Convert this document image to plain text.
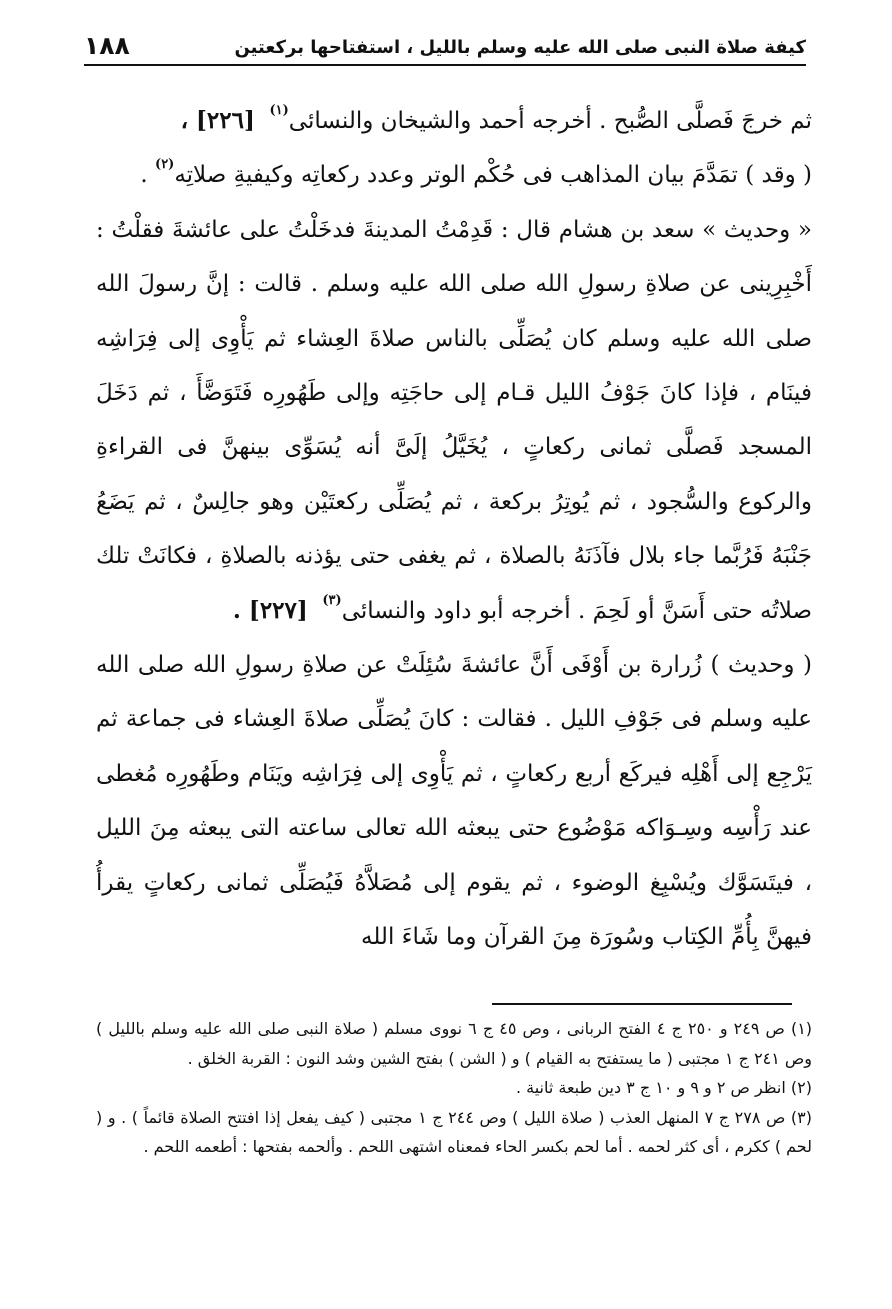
كيفة صلاة النبى صلى الله عليه وسلم بالليل ، استفتاحها بركعتين
١٨٨

ثم خرجَ فَصلَّى الصُّبح . أخرجه أحمد والشيخان والنسائى$^{(١)}$  [٢٢٦] ،

( وقد ) تمَدَّمَ بيان المذاهب فى حُكْم الوتر وعدد ركعاتِه وكيفيةِ صلاتِه$^{(٢)}$ .

« وحديث » سعد بن هشام قال : قَدِمْتُ المدينةَ فدخَلْتُ على عائشةَ فقلْتُ : أَخْبِرِينى عن صلاةِ رسولِ الله صلى الله عليه وسلم . قالت : إنَّ رسولَ الله صلى الله عليه وسلم كان يُصَلِّى بالناس صلاةَ العِشاء ثم يَأْوِى إلى فِرَاشِه فينَام ، فإذا كانَ جَوْفُ الليل قـام إلى حاجَتِه وإلى طَهُورِه فَتَوَضَّأَ ، ثم دَخَلَ المسجد فَصلَّى ثمانى ركعاتٍ ، يُخَيَّلُ إلَىَّ أنه يُسَوِّى بينهنَّ فى القراءةِ والركوع والسُّجود ، ثم يُوتِرُ بركعة ، ثم يُصَلِّى ركعتَيْن وهو جالِسٌ ، ثم يَضَعُ جَنْبَهُ فَرُبَّما جاء بلال فآذَنَهُ بالصلاة ، ثم يغفى حتى يؤذنه بالصلاةِ ، فكانَتْ تلك صلاتُه حتى أَسَنَّ أو لَحِمَ . أخرجه أبو داود والنسائى$^{(٣)}$  [٢٢٧] .

( وحديث ) زُرارة بن أَوْفَى أَنَّ عائشةَ سُئِلَتْ عن صلاةِ رسولِ الله صلى الله عليه وسلم فى جَوْفِ الليل . فقالت : كانَ يُصَلِّى صلاةَ العِشاء فى جماعة ثم يَرْجِع إلى أَهْلِه فيركَع أربع ركعاتٍ ، ثم يَأْوِى إلى فِرَاشِه ويَنَام وطَهُورِه مُغطى عند رَأْسِه وسِـوَاكه مَوْضُوع حتى يبعثه الله تعالى ساعته التى يبعثه مِنَ الليل ، فيتَسَوَّك ويُسْبِغ الوضوء ، ثم يقوم إلى مُصَلاَّهُ فَيُصَلِّى ثمانى ركعاتٍ يقرأُ فيهنَّ بِأُمِّ الكِتاب وسُورَة مِنَ القرآن وما شَاءَ الله

(١) ص ٢٤٩ و ٢٥٠ ج ٤ الفتح الربانى ، وص ٤٥ ج ٦ نووى مسلم ( صلاة النبى صلى الله عليه وسلم بالليل ) وص ٢٤١ ج ١ مجتبى ( ما يستفتح به القيام ) و ( الشن ) بفتح الشين وشد النون : القربة الخلق .

(٢) انظر ص ٢ و ٩ و ١٠ ج ٣ دين طبعة ثانية .

(٣) ص ٢٧٨ ج ٧ المنهل العذب ( صلاة الليل ) وص ٢٤٤ ج ١ مجتبى ( كيف يفعل إذا افتتح الصلاة قائماً ) . و ( لحم ) ككرم ، أى كثر لحمه . أما لحم بكسر الحاء فمعناه اشتهى اللحم . وألحمه بفتحها : أطعمه اللحم .
